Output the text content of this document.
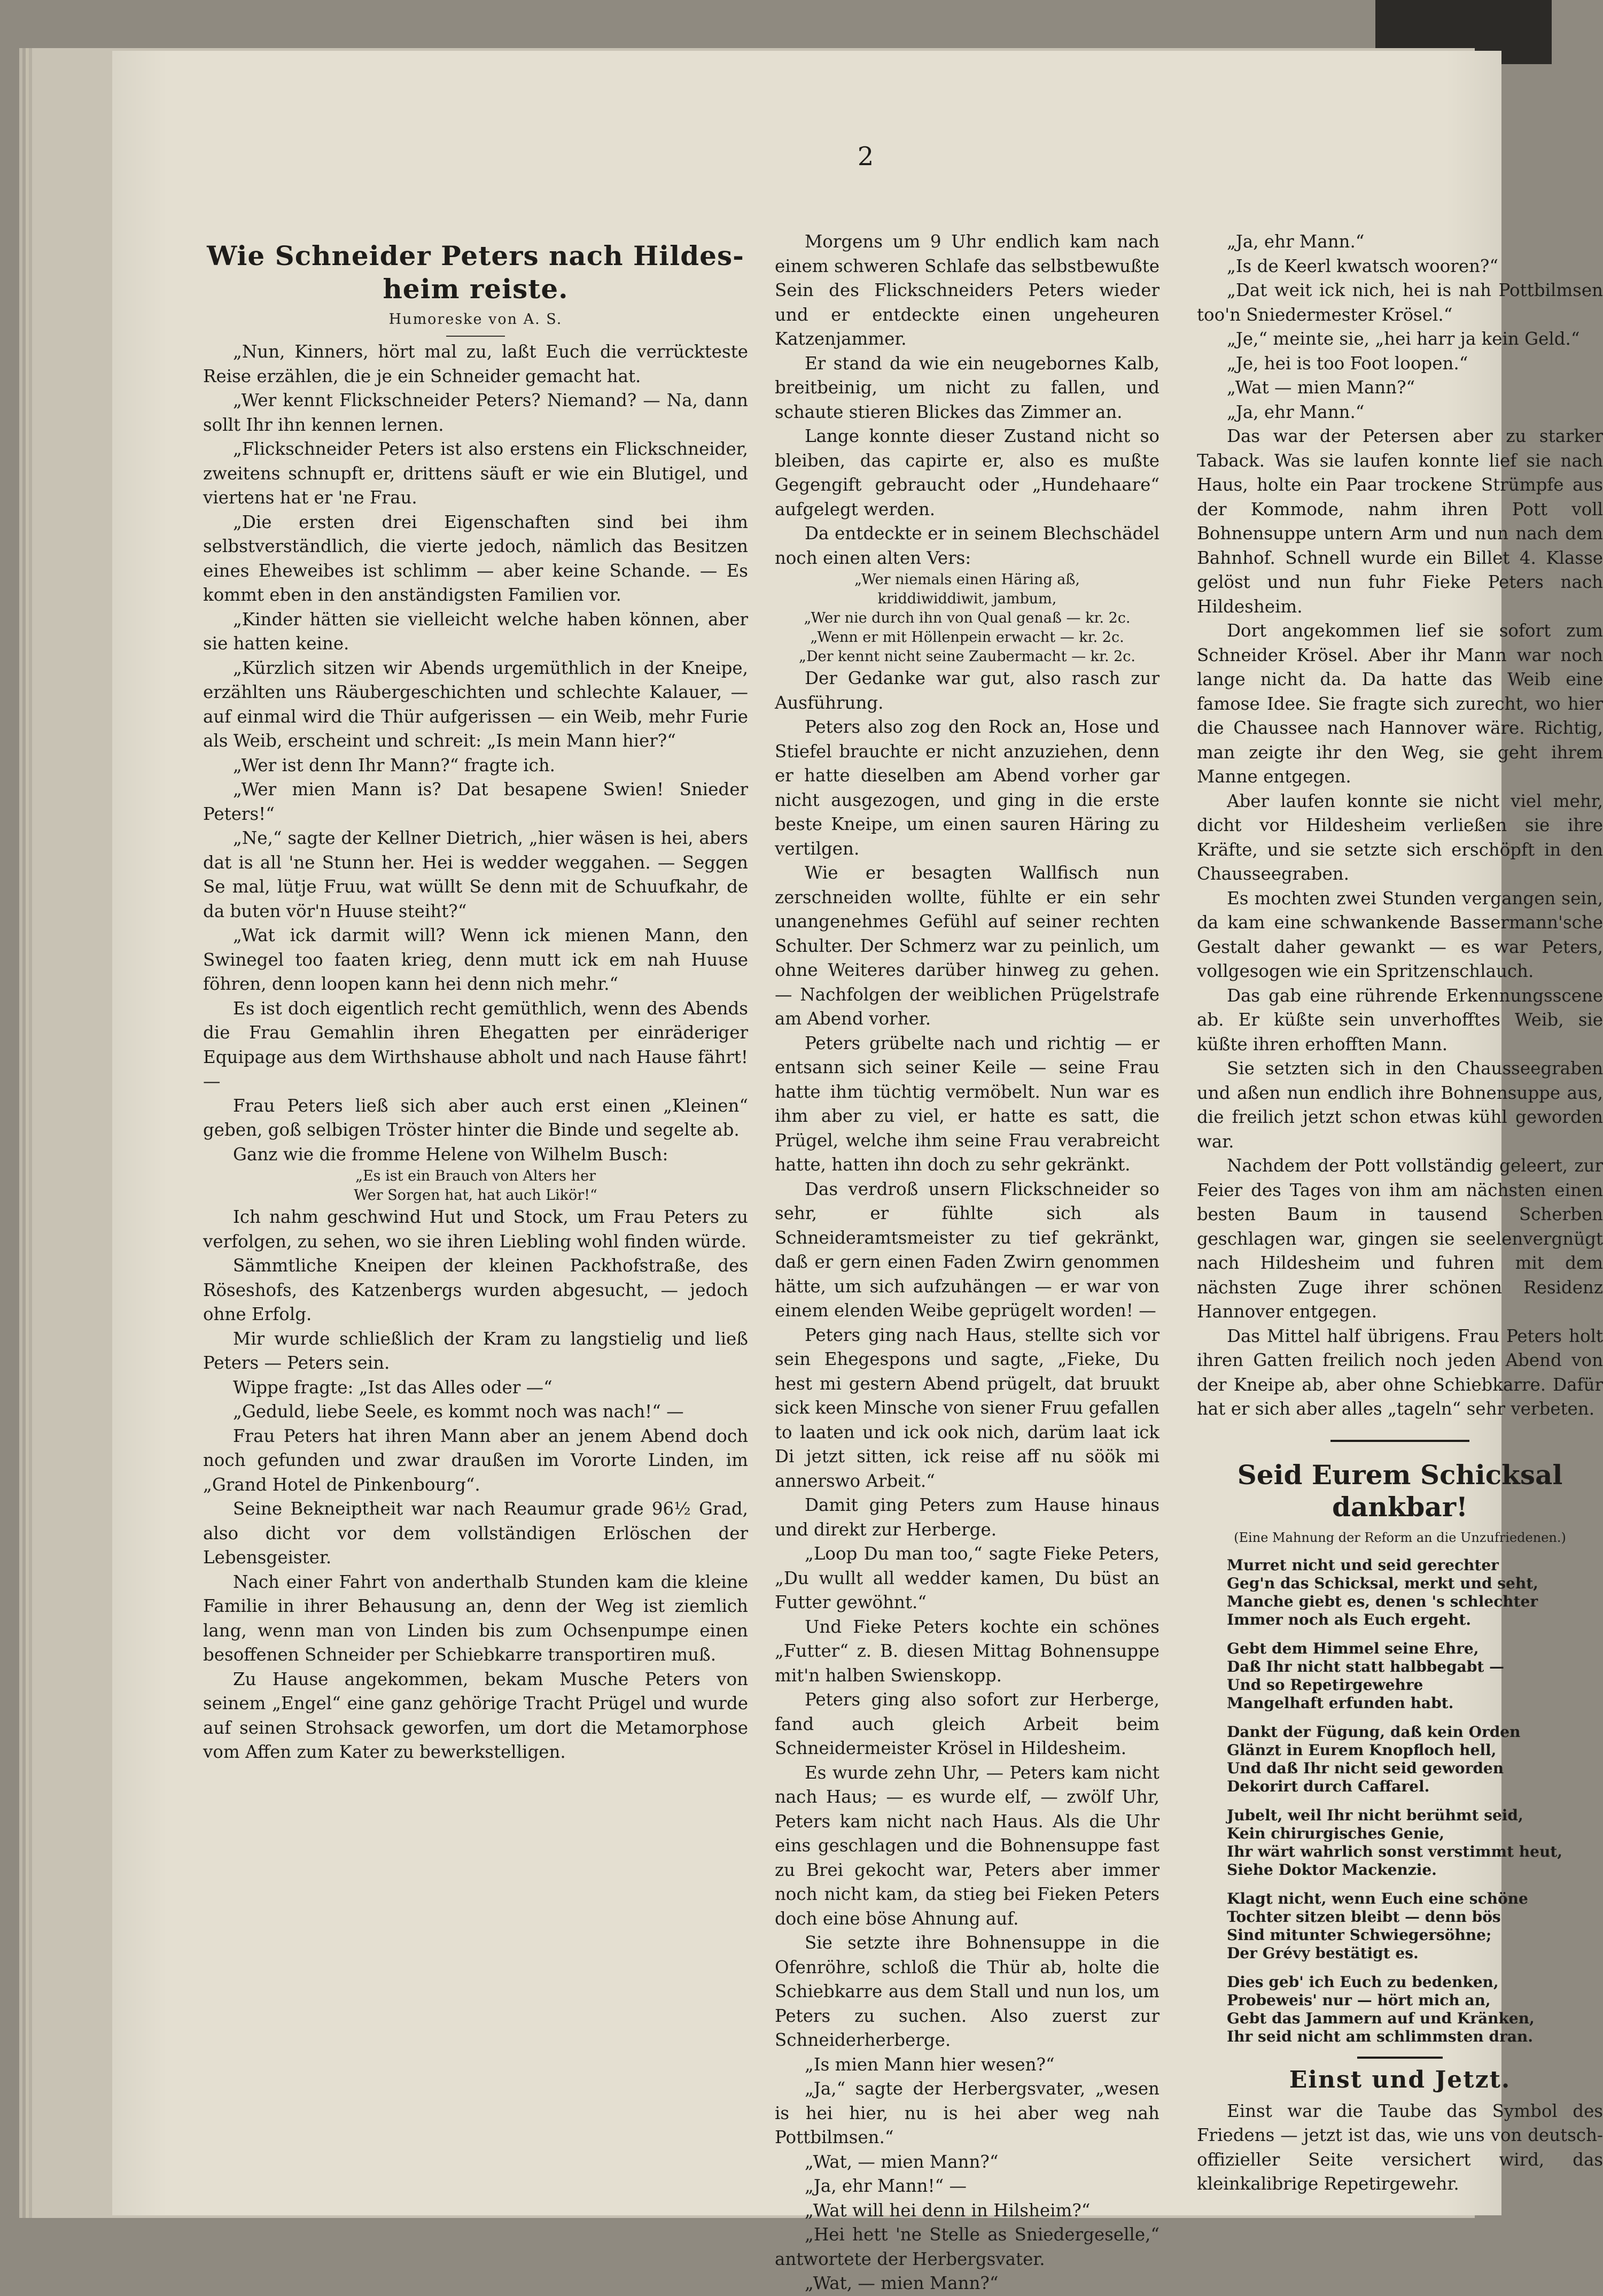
2
Wie Schneider Peters nach Hildes-
heim reiste.
Humoreske von A. S.

„Nun, Kinners, hört mal zu, laßt Euch die verrückteste Reise erzählen, die je ein Schneider gemacht hat.

„Wer kennt Flickschneider Peters? Niemand? — Na, dann sollt Ihr ihn kennen lernen.

„Flickschneider Peters ist also erstens ein Flickschneider, zweitens schnupft er, drittens säuft er wie ein Blutigel, und viertens hat er 'ne Frau.

„Die ersten drei Eigenschaften sind bei ihm selbstverständlich, die vierte jedoch, nämlich das Besitzen eines Eheweibes ist schlimm — aber keine Schande. — Es kommt eben in den anständigsten Familien vor.

„Kinder hätten sie vielleicht welche haben können, aber sie hatten keine.

„Kürzlich sitzen wir Abends urgemüthlich in der Kneipe, erzählten uns Räubergeschichten und schlechte Kalauer, — auf einmal wird die Thür aufgerissen — ein Weib, mehr Furie als Weib, erscheint und schreit: „Is mein Mann hier?“

„Wer ist denn Ihr Mann?“ fragte ich.

„Wer mien Mann is? Dat besapene Swien! Snieder Peters!“

„Ne,“ sagte der Kellner Dietrich, „hier wäsen is hei, abers dat is all 'ne Stunn her. Hei is wedder weggahen. — Seggen Se mal, lütje Fruu, wat wüllt Se denn mit de Schuufkahr, de da buten vör'n Huuse steiht?“

„Wat ick darmit will? Wenn ick mienen Mann, den Swinegel too faaten krieg, denn mutt ick em nah Huuse föhren, denn loopen kann hei denn nich mehr.“

Es ist doch eigentlich recht gemüthlich, wenn des Abends die Frau Gemahlin ihren Ehegatten per einräderiger Equipage aus dem Wirthshause abholt und nach Hause fährt! —

Frau Peters ließ sich aber auch erst einen „Kleinen“ geben, goß selbigen Tröster hinter die Binde und segelte ab.

Ganz wie die fromme Helene von Wilhelm Busch:

„Es ist ein Brauch von Alters her
Wer Sorgen hat, hat auch Likör!“

Ich nahm geschwind Hut und Stock, um Frau Peters zu verfolgen, zu sehen, wo sie ihren Liebling wohl finden würde.

Sämmtliche Kneipen der kleinen Packhofstraße, des Röseshofs, des Katzenbergs wurden abgesucht, — jedoch ohne Erfolg.

Mir wurde schließlich der Kram zu langstielig und ließ Peters — Peters sein.

Wippe fragte: „Ist das Alles oder —“

„Geduld, liebe Seele, es kommt noch was nach!“ —

Frau Peters hat ihren Mann aber an jenem Abend doch noch gefunden und zwar draußen im Vororte Linden, im „Grand Hotel de Pinkenbourg“.

Seine Bekneiptheit war nach Reaumur grade 96½ Grad, also dicht vor dem vollständigen Erlöschen der Lebensgeister.

Nach einer Fahrt von anderthalb Stunden kam die kleine Familie in ihrer Behausung an, denn der Weg ist ziemlich lang, wenn man von Linden bis zum Ochsenpumpe einen besoffenen Schneider per Schiebkarre transportiren muß.

Zu Hause angekommen, bekam Musche Peters von seinem „Engel“ eine ganz gehörige Tracht Prügel und wurde auf seinen Strohsack geworfen, um dort die Metamorphose vom Affen zum Kater zu bewerkstelligen.

Morgens um 9 Uhr endlich kam nach einem schweren Schlafe das selbstbewußte Sein des Flickschneiders Peters wieder und er entdeckte einen ungeheuren Katzenjammer.

Er stand da wie ein neugebornes Kalb, breitbeinig, um nicht zu fallen, und schaute stieren Blickes das Zimmer an.

Lange konnte dieser Zustand nicht so bleiben, das capirte er, also es mußte Gegengift gebraucht oder „Hundehaare“ aufgelegt werden.

Da entdeckte er in seinem Blechschädel noch einen alten Vers:

„Wer niemals einen Häring aß,
kriddiwiddiwit, jambum,
„Wer nie durch ihn von Qual genaß — kr. 2c.
„Wenn er mit Höllenpein erwacht — kr. 2c.
„Der kennt nicht seine Zaubermacht — kr. 2c.

Der Gedanke war gut, also rasch zur Ausführung.

Peters also zog den Rock an, Hose und Stiefel brauchte er nicht anzuziehen, denn er hatte dieselben am Abend vorher gar nicht ausgezogen, und ging in die erste beste Kneipe, um einen sauren Häring zu vertilgen.

Wie er besagten Wallfisch nun zerschneiden wollte, fühlte er ein sehr unangenehmes Gefühl auf seiner rechten Schulter. Der Schmerz war zu peinlich, um ohne Weiteres darüber hinweg zu gehen. — Nachfolgen der weiblichen Prügelstrafe am Abend vorher.

Peters grübelte nach und richtig — er entsann sich seiner Keile — seine Frau hatte ihm tüchtig vermöbelt. Nun war es ihm aber zu viel, er hatte es satt, die Prügel, welche ihm seine Frau verabreicht hatte, hatten ihn doch zu sehr gekränkt.

Das verdroß unsern Flickschneider so sehr, er fühlte sich als Schneideramtsmeister zu tief gekränkt, daß er gern einen Faden Zwirn genommen hätte, um sich aufzuhängen — er war von einem elenden Weibe geprügelt worden! —

Peters ging nach Haus, stellte sich vor sein Ehegespons und sagte, „Fieke, Du hest mi gestern Abend prügelt, dat bruukt sick keen Minsche von siener Fruu gefallen to laaten und ick ook nich, darüm laat ick Di jetzt sitten, ick reise aff nu söök mi annerswo Arbeit.“

Damit ging Peters zum Hause hinaus und direkt zur Herberge.

„Loop Du man too,“ sagte Fieke Peters, „Du wullt all wedder kamen, Du büst an Futter gewöhnt.“

Und Fieke Peters kochte ein schönes „Futter“ z. B. diesen Mittag Bohnensuppe mit'n halben Swienskopp.

Peters ging also sofort zur Herberge, fand auch gleich Arbeit beim Schneidermeister Krösel in Hildesheim.

Es wurde zehn Uhr, — Peters kam nicht nach Haus; — es wurde elf, — zwölf Uhr, Peters kam nicht nach Haus. Als die Uhr eins geschlagen und die Bohnensuppe fast zu Brei gekocht war, Peters aber immer noch nicht kam, da stieg bei Fieken Peters doch eine böse Ahnung auf.

Sie setzte ihre Bohnensuppe in die Ofenröhre, schloß die Thür ab, holte die Schiebkarre aus dem Stall und nun los, um Peters zu suchen. Also zuerst zur Schneiderherberge.

„Is mien Mann hier wesen?“

„Ja,“ sagte der Herbergsvater, „wesen is hei hier, nu is hei aber weg nah Pottbilmsen.“

„Wat, — mien Mann?“

„Ja, ehr Mann!“ —

„Wat will hei denn in Hilsheim?“

„Hei hett 'ne Stelle as Sniedergeselle,“ antwortete der Herbergsvater.

„Wat, — mien Mann?“

„Ja, ehr Mann.“

„Is de Keerl kwatsch wooren?“

„Dat weit ick nich, hei is nah Pottbilmsen too'n Sniedermester Krösel.“

„Je,“ meinte sie, „hei harr ja kein Geld.“

„Je, hei is too Foot loopen.“

„Wat — mien Mann?“

„Ja, ehr Mann.“

Das war der Petersen aber zu starker Taback. Was sie laufen konnte lief sie nach Haus, holte ein Paar trockene Strümpfe aus der Kommode, nahm ihren Pott voll Bohnensuppe untern Arm und nun nach dem Bahnhof. Schnell wurde ein Billet 4. Klasse gelöst und nun fuhr Fieke Peters nach Hildesheim.

Dort angekommen lief sie sofort zum Schneider Krösel. Aber ihr Mann war noch lange nicht da. Da hatte das Weib eine famose Idee. Sie fragte sich zurecht, wo hier die Chaussee nach Hannover wäre. Richtig, man zeigte ihr den Weg, sie geht ihrem Manne entgegen.

Aber laufen konnte sie nicht viel mehr, dicht vor Hildesheim verließen sie ihre Kräfte, und sie setzte sich erschöpft in den Chausseegraben.

Es mochten zwei Stunden vergangen sein, da kam eine schwankende Bassermann'sche Gestalt daher gewankt — es war Peters, vollgesogen wie ein Spritzenschlauch.

Das gab eine rührende Erkennungsscene ab. Er küßte sein unverhofftes Weib, sie küßte ihren erhofften Mann.

Sie setzten sich in den Chausseegraben und aßen nun endlich ihre Bohnensuppe aus, die freilich jetzt schon etwas kühl geworden war.

Nachdem der Pott vollständig geleert, zur Feier des Tages von ihm am nächsten einen besten Baum in tausend Scherben geschlagen war, gingen sie seelenvergnügt nach Hildesheim und fuhren mit dem nächsten Zuge ihrer schönen Residenz Hannover entgegen.

Das Mittel half übrigens. Frau Peters holt ihren Gatten freilich noch jeden Abend von der Kneipe ab, aber ohne Schiebkarre. Dafür hat er sich aber alles „tageln“ sehr verbeten.

Seid Eurem Schicksal dankbar!
(Eine Mahnung der Reform an die Unzufriedenen.)
Murret nicht und seid gerechter
Geg'n das Schicksal, merkt und seht,
Manche giebt es, denen 's schlechter
Immer noch als Euch ergeht.
Gebt dem Himmel seine Ehre,
Daß Ihr nicht statt halbbegabt —
Und so Repetirgewehre
Mangelhaft erfunden habt.
Dankt der Fügung, daß kein Orden
Glänzt in Eurem Knopfloch hell,
Und daß Ihr nicht seid geworden
Dekorirt durch Caffarel.
Jubelt, weil Ihr nicht berühmt seid,
Kein chirurgisches Genie,
Ihr wärt wahrlich sonst verstimmt heut,
Siehe Doktor Mackenzie.
Klagt nicht, wenn Euch eine schöne
Tochter sitzen bleibt — denn bös
Sind mitunter Schwiegersöhne;
Der Grévy bestätigt es.
Dies geb' ich Euch zu bedenken,
Probeweis' nur — hört mich an,
Gebt das Jammern auf und Kränken,
Ihr seid nicht am schlimmsten dran.
Einst und Jetzt.

Einst war die Taube das Symbol des Friedens — jetzt ist das, wie uns von deutsch-offizieller Seite versichert wird, das kleinkalibrige Repetirgewehr.
